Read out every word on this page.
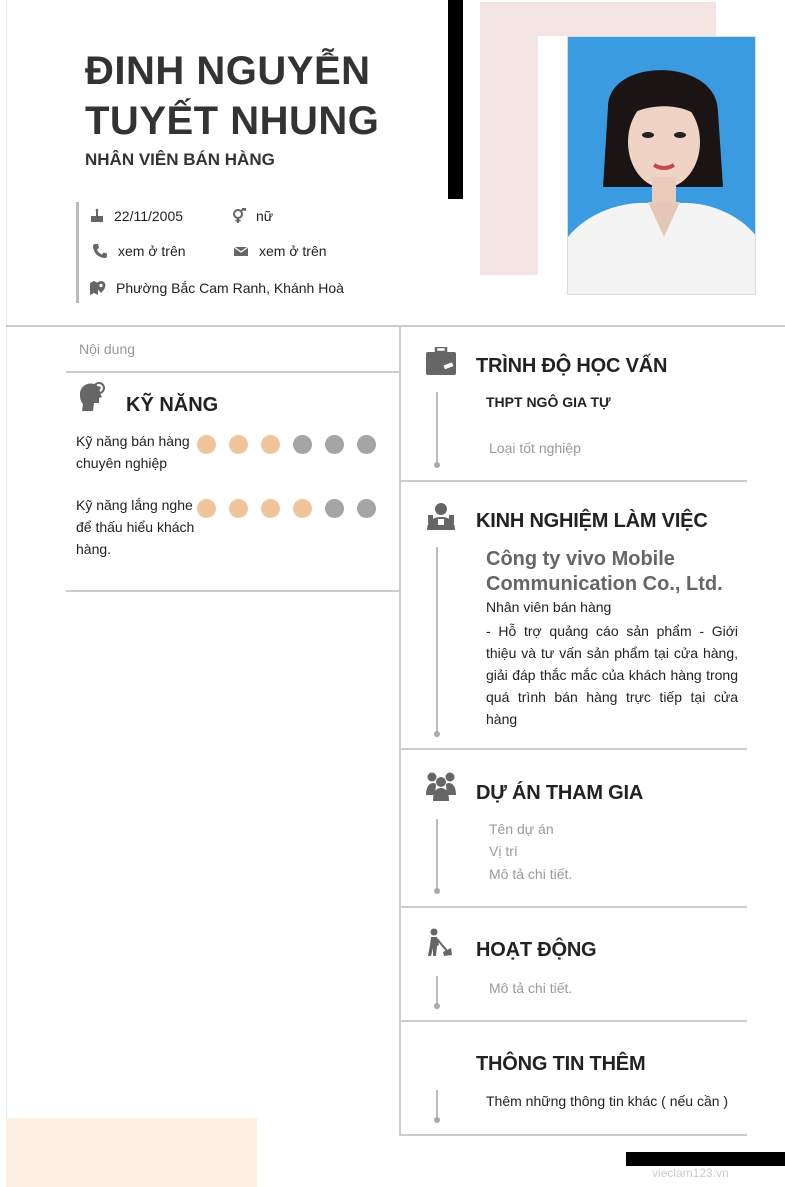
ĐINH NGUYỄN
TUYẾT NHUNG
NHÂN VIÊN BÁN HÀNG
22/11/2005	nữ
xem ở trên	xem ở trên
Phường Bắc Cam Ranh, Khánh Hoà
Nội dung
KỸ NĂNG
Kỹ năng bán hàng chuyên nghiệp
Kỹ năng lắng nghe để thấu hiểu khách hàng.
TRÌNH ĐỘ HỌC VẤN
THPT NGÔ GIA TỰ
Loại tốt nghiệp
KINH NGHIỆM LÀM VIỆC
Công ty vivo Mobile Communication Co., Ltd.
Nhân viên bán hàng
- Hỗ trợ quảng cáo sản phẩm - Giới thiệu và tư vấn sản phẩm tại cửa hàng, giải đáp thắc mắc của khách hàng trong quá trình bán hàng trực tiếp tại cửa hàng
DỰ ÁN THAM GIA
Tên dự án
Vị trí
Mô tả chi tiết.
HOẠT ĐỘNG
Mô tả chi tiết.
THÔNG TIN THÊM
Thêm những thông tin khác ( nếu cần )
vieclam123.vn
